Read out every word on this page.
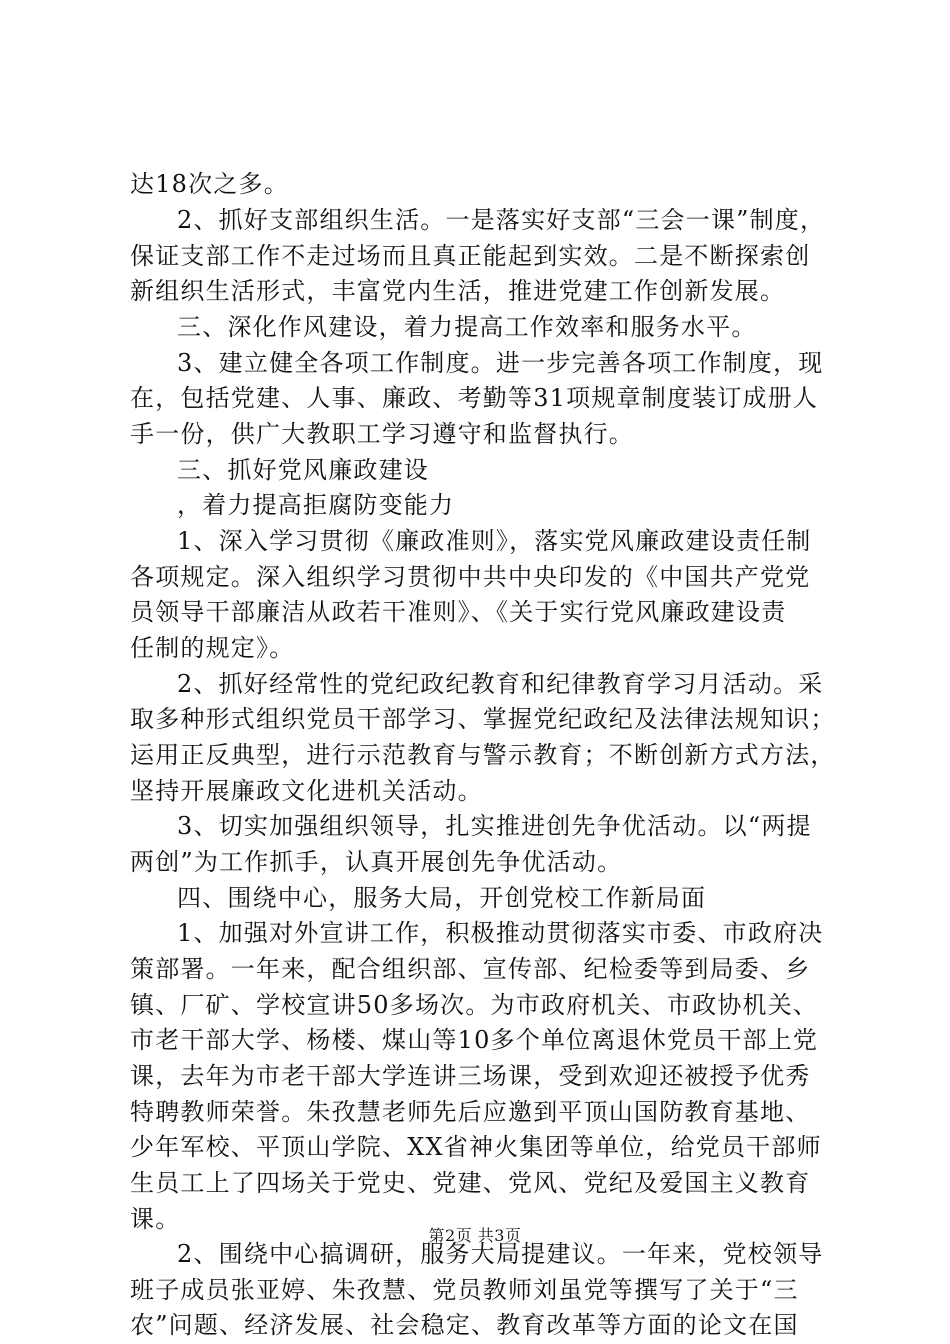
达18次之多。
2、抓好支部组织生活。一是落实好支部“三会一课”制度，
保证支部工作不走过场而且真正能起到实效。二是不断探索创
新组织生活形式，丰富党内生活，推进党建工作创新发展。
三、深化作风建设，着力提高工作效率和服务水平。
3、建立健全各项工作制度。进一步完善各项工作制度，现
在，包括党建、人事、廉政、考勤等31项规章制度装订成册人
手一份，供广大教职工学习遵守和监督执行。
三、抓好党风廉政建设
，着力提高拒腐防变能力
1、深入学习贯彻《廉政准则》，落实党风廉政建设责任制
各项规定。深入组织学习贯彻中共中央印发的《中国共产党党
员领导干部廉洁从政若干准则》、《关于实行党风廉政建设责
任制的规定》。
2、抓好经常性的党纪政纪教育和纪律教育学习月活动。采
取多种形式组织党员干部学习、掌握党纪政纪及法律法规知识；
运用正反典型，进行示范教育与警示教育；不断创新方式方法，
坚持开展廉政文化进机关活动。
3、切实加强组织领导，扎实推进创先争优活动。以“两提
两创”为工作抓手，认真开展创先争优活动。
四、围绕中心，服务大局，开创党校工作新局面
1、加强对外宣讲工作，积极推动贯彻落实市委、市政府决
策部署。一年来，配合组织部、宣传部、纪检委等到局委、乡
镇、厂矿、学校宣讲50多场次。为市政府机关、市政协机关、
市老干部大学、杨楼、煤山等10多个单位离退休党员干部上党
课，去年为市老干部大学连讲三场课，受到欢迎还被授予优秀
特聘教师荣誉。朱孜慧老师先后应邀到平顶山国防教育基地、
少年军校、平顶山学院、XX省神火集团等单位，给党员干部师
生员工上了四场关于党史、党建、党风、党纪及爱国主义教育
课。
2、围绕中心搞调研，服务大局提建议。一年来，党校领导
班子成员张亚婷、朱孜慧、党员教师刘虽党等撰写了关于“三
农”问题、经济发展、社会稳定、教育改革等方面的论文在国
第2页 共3页
